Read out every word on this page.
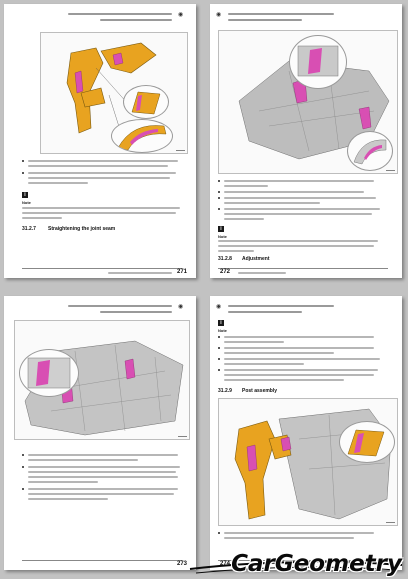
◉
▬▬▬
i
Note
31.2.7 Straightening the joint seam
271
◉
▬▬▬
i
Note
31.2.8 Adjustment
272
◉
▬▬▬
273
◉
i
Note
31.2.9 Post assembly
▬▬▬
274 CarGeometry
